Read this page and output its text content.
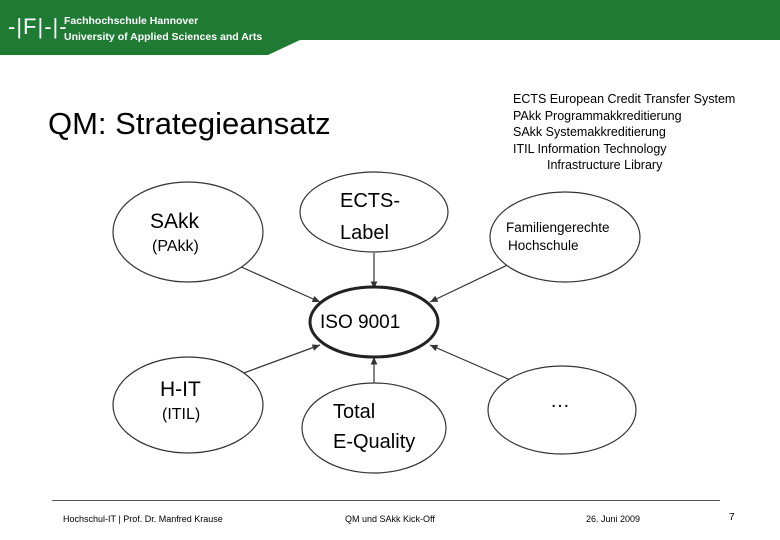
-|F|-|-
Fachhochschule Hannover
University of Applied Sciences and Arts
QM: Strategieansatz
ECTS European Credit Transfer System
PAkk Programmakkreditierung
SAkk Systemakkreditierung
ITIL Information Technology
Infrastructure Library
SAkk
(PAkk)
ECTS-
Label	Familiengerechte
Hochschule
ISO 9001
H-IT
(ITIL)	Total
E-Quality
…
Hochschul-IT | Prof. Dr. Manfred Krause	QM und SAkk Kick-Off	26. Juni 2009	7
